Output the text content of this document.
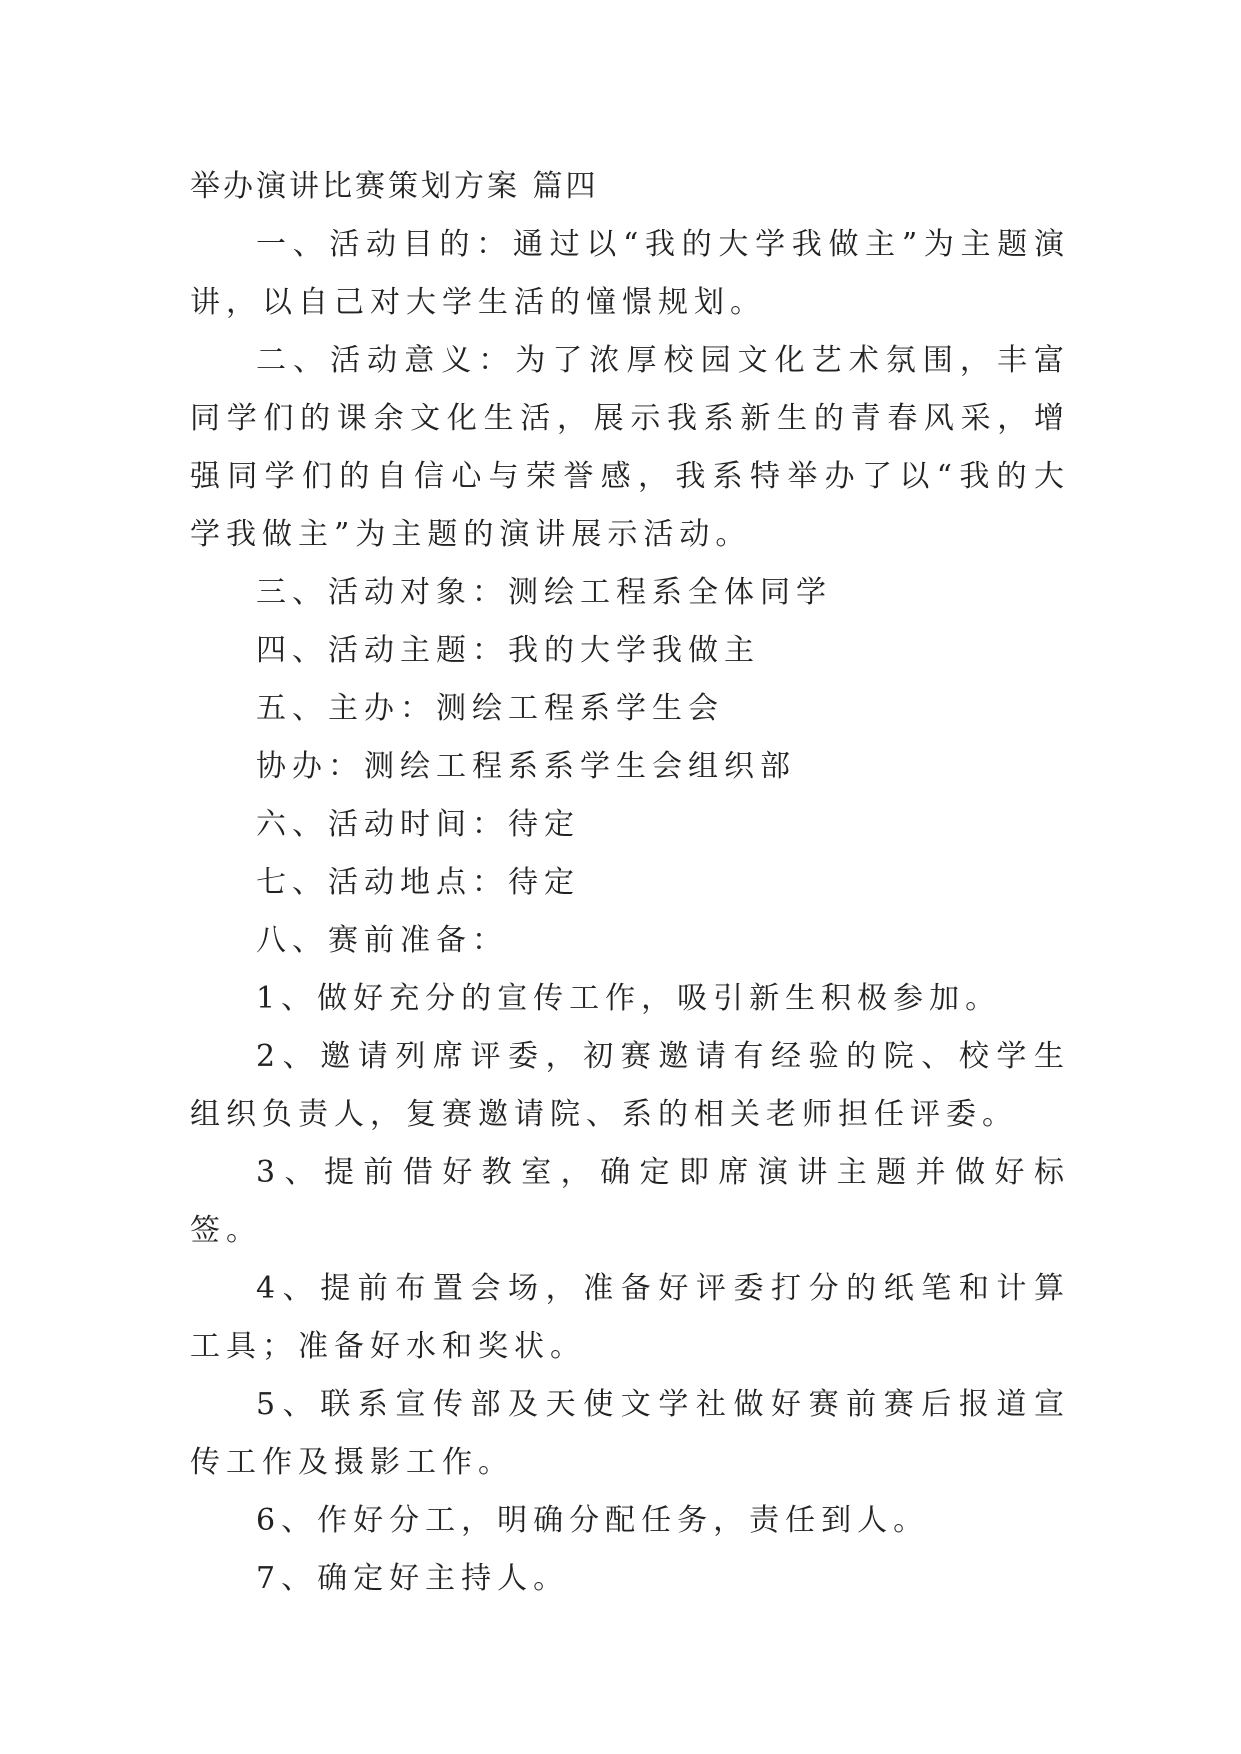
举办演讲比赛策划方案 篇四

一、活动目的：通过以“我的大学我做主”为主题演讲，以自己对大学生活的憧憬规划。

二、活动意义：为了浓厚校园文化艺术氛围，丰富同学们的课余文化生活，展示我系新生的青春风采，增强同学们的自信心与荣誉感，我系特举办了以“我的大学我做主”为主题的演讲展示活动。

三、活动对象：测绘工程系全体同学

四、活动主题：我的大学我做主

五、主办：测绘工程系学生会

协办：测绘工程系系学生会组织部

六、活动时间：待定

七、活动地点：待定

八、赛前准备：

1、做好充分的宣传工作，吸引新生积极参加。

2、邀请列席评委，初赛邀请有经验的院、校学生组织负责人，复赛邀请院、系的相关老师担任评委。

3、提前借好教室，确定即席演讲主题并做好标签。

4、提前布置会场，准备好评委打分的纸笔和计算工具；准备好水和奖状。

5、联系宣传部及天使文学社做好赛前赛后报道宣传工作及摄影工作。

6、作好分工，明确分配任务，责任到人。

7、确定好主持人。
